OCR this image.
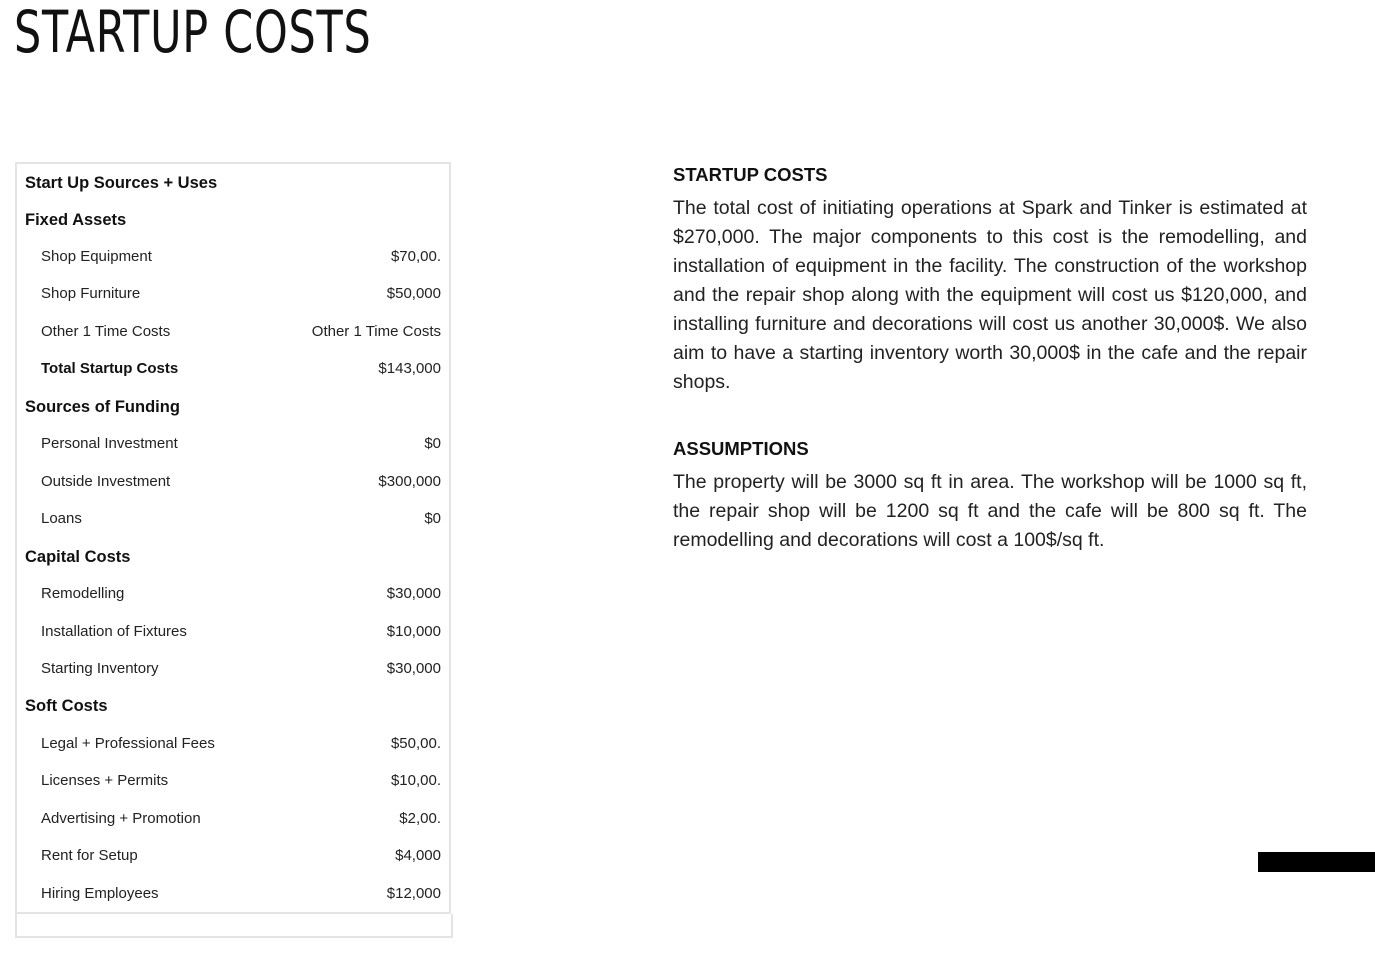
STARTUP COSTS
Start Up Sources + Uses
Fixed Assets
Shop Equipment	$70,00.
Shop Furniture	$50,000
Other 1 Time Costs	Other 1 Time Costs
Total Startup Costs	$143,000
Sources of Funding
Personal Investment	$0
Outside Investment	$300,000
Loans	$0
Capital Costs
Remodelling	$30,000
Installation of Fixtures	$10,000
Starting Inventory	$30,000
Soft Costs
Legal + Professional Fees	$50,00.
Licenses + Permits	$10,00.
Advertising + Promotion	$2,00.
Rent for Setup	$4,000
Hiring Employees	$12,000
STARTUP COSTS

The total cost of initiating operations at Spark and Tinker is estimated at $270,000. The major components to this cost is the remodelling, and installation of equipment in the facility. The construction of the workshop and the repair shop along with the equipment will cost us $120,000, and installing furniture and decorations will cost us another 30,000$. We also aim to have a starting inventory worth 30,000$ in the cafe and the repair shops.

ASSUMPTIONS

The property will be 3000 sq ft in area. The workshop will be 1000 sq ft, the repair shop will be 1200 sq ft and the cafe will be 800 sq ft. The remodelling and decorations will cost a 100$/sq ft.
